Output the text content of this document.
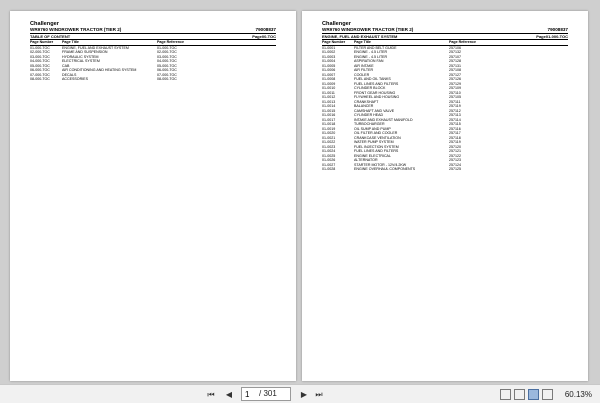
Challenger
WR9760 WINDROWER TRACTOR (TIER 2)	79008837
TABLE OF CONTENT	Page00-TOC
Page Number	Page Title	Page Reference
01-000-TOC	ENGINE, FUEL AND EXHAUST SYSTEM	01-000-TOC
02-000-TOC	FRAME AND SUSPENSION	02-000-TOC
03-000-TOC	HYDRAULIC SYSTEM	03-000-TOC
04-000-TOC	ELECTRICAL SYSTEM	04-000-TOC
05-000-TOC	CAB	05-000-TOC
06-000-TOC	AIR CONDITIONING AND HEATING SYSTEM	06-000-TOC
07-000-TOC	DECALS	07-000-TOC
08-000-TOC	ACCESSORIES	08-000-TOC
Challenger
WR9760 WINDROWER TRACTOR (TIER 2)	79008837
ENGINE, FUEL AND EXHAUST SYSTEM	Page01-000-TOC
Page Number	Page Title	Page Reference
01-0001	FILTER AND BELT GUIDE	257106
01-0002	ENGINE - 4.5 LITER	257132
01-0003	ENGINE - 4.5 LITER	257107
01-0004	ASPIRATION FAN	257128
01-0005	AIR INTAKE	257131
01-0006	AIR FILTER	257108
01-0007	COOLER	257127
01-0008	FUEL AND OIL TANKS	257126
01-0009	FUEL LINES AND FILTERS	257129
01-0010	CYLINDER BLOCK	257109
01-0011	FRONT GEAR HOUSING	257110
01-0012	FLYWHEEL AND HOUSING	257105
01-0013	CRANKSHAFT	257111
01-0014	BALANCER	257119
01-0015	CAMSHAFT AND VALVE	257112
01-0016	CYLINDER HEAD	257113
01-0017	INTAKE AND EXHAUST MANIFOLD	257114
01-0018	TURBOCHARGER	257115
01-0019	OIL SUMP AND PUMP	257116
01-0020	OIL FILTER AND COOLER	257117
01-0021	CRANKCASE VENTILATION	257118
01-0022	WATER PUMP SYSTEM	257119
01-0023	FUEL INJECTION SYSTEM	257120
01-0024	FUEL LINES AND FILTERS	257121
01-0025	ENGINE ELECTRICAL	257122
01-0026	ALTERNATOR	257123
01-0027	STARTER MOTOR - 12V/4.2KW	257124
01-0028	ENGINE OVERHAUL COMPONENTS	257125
⏮ ◀
1	/ 301	▶ ⏭	60.13%
